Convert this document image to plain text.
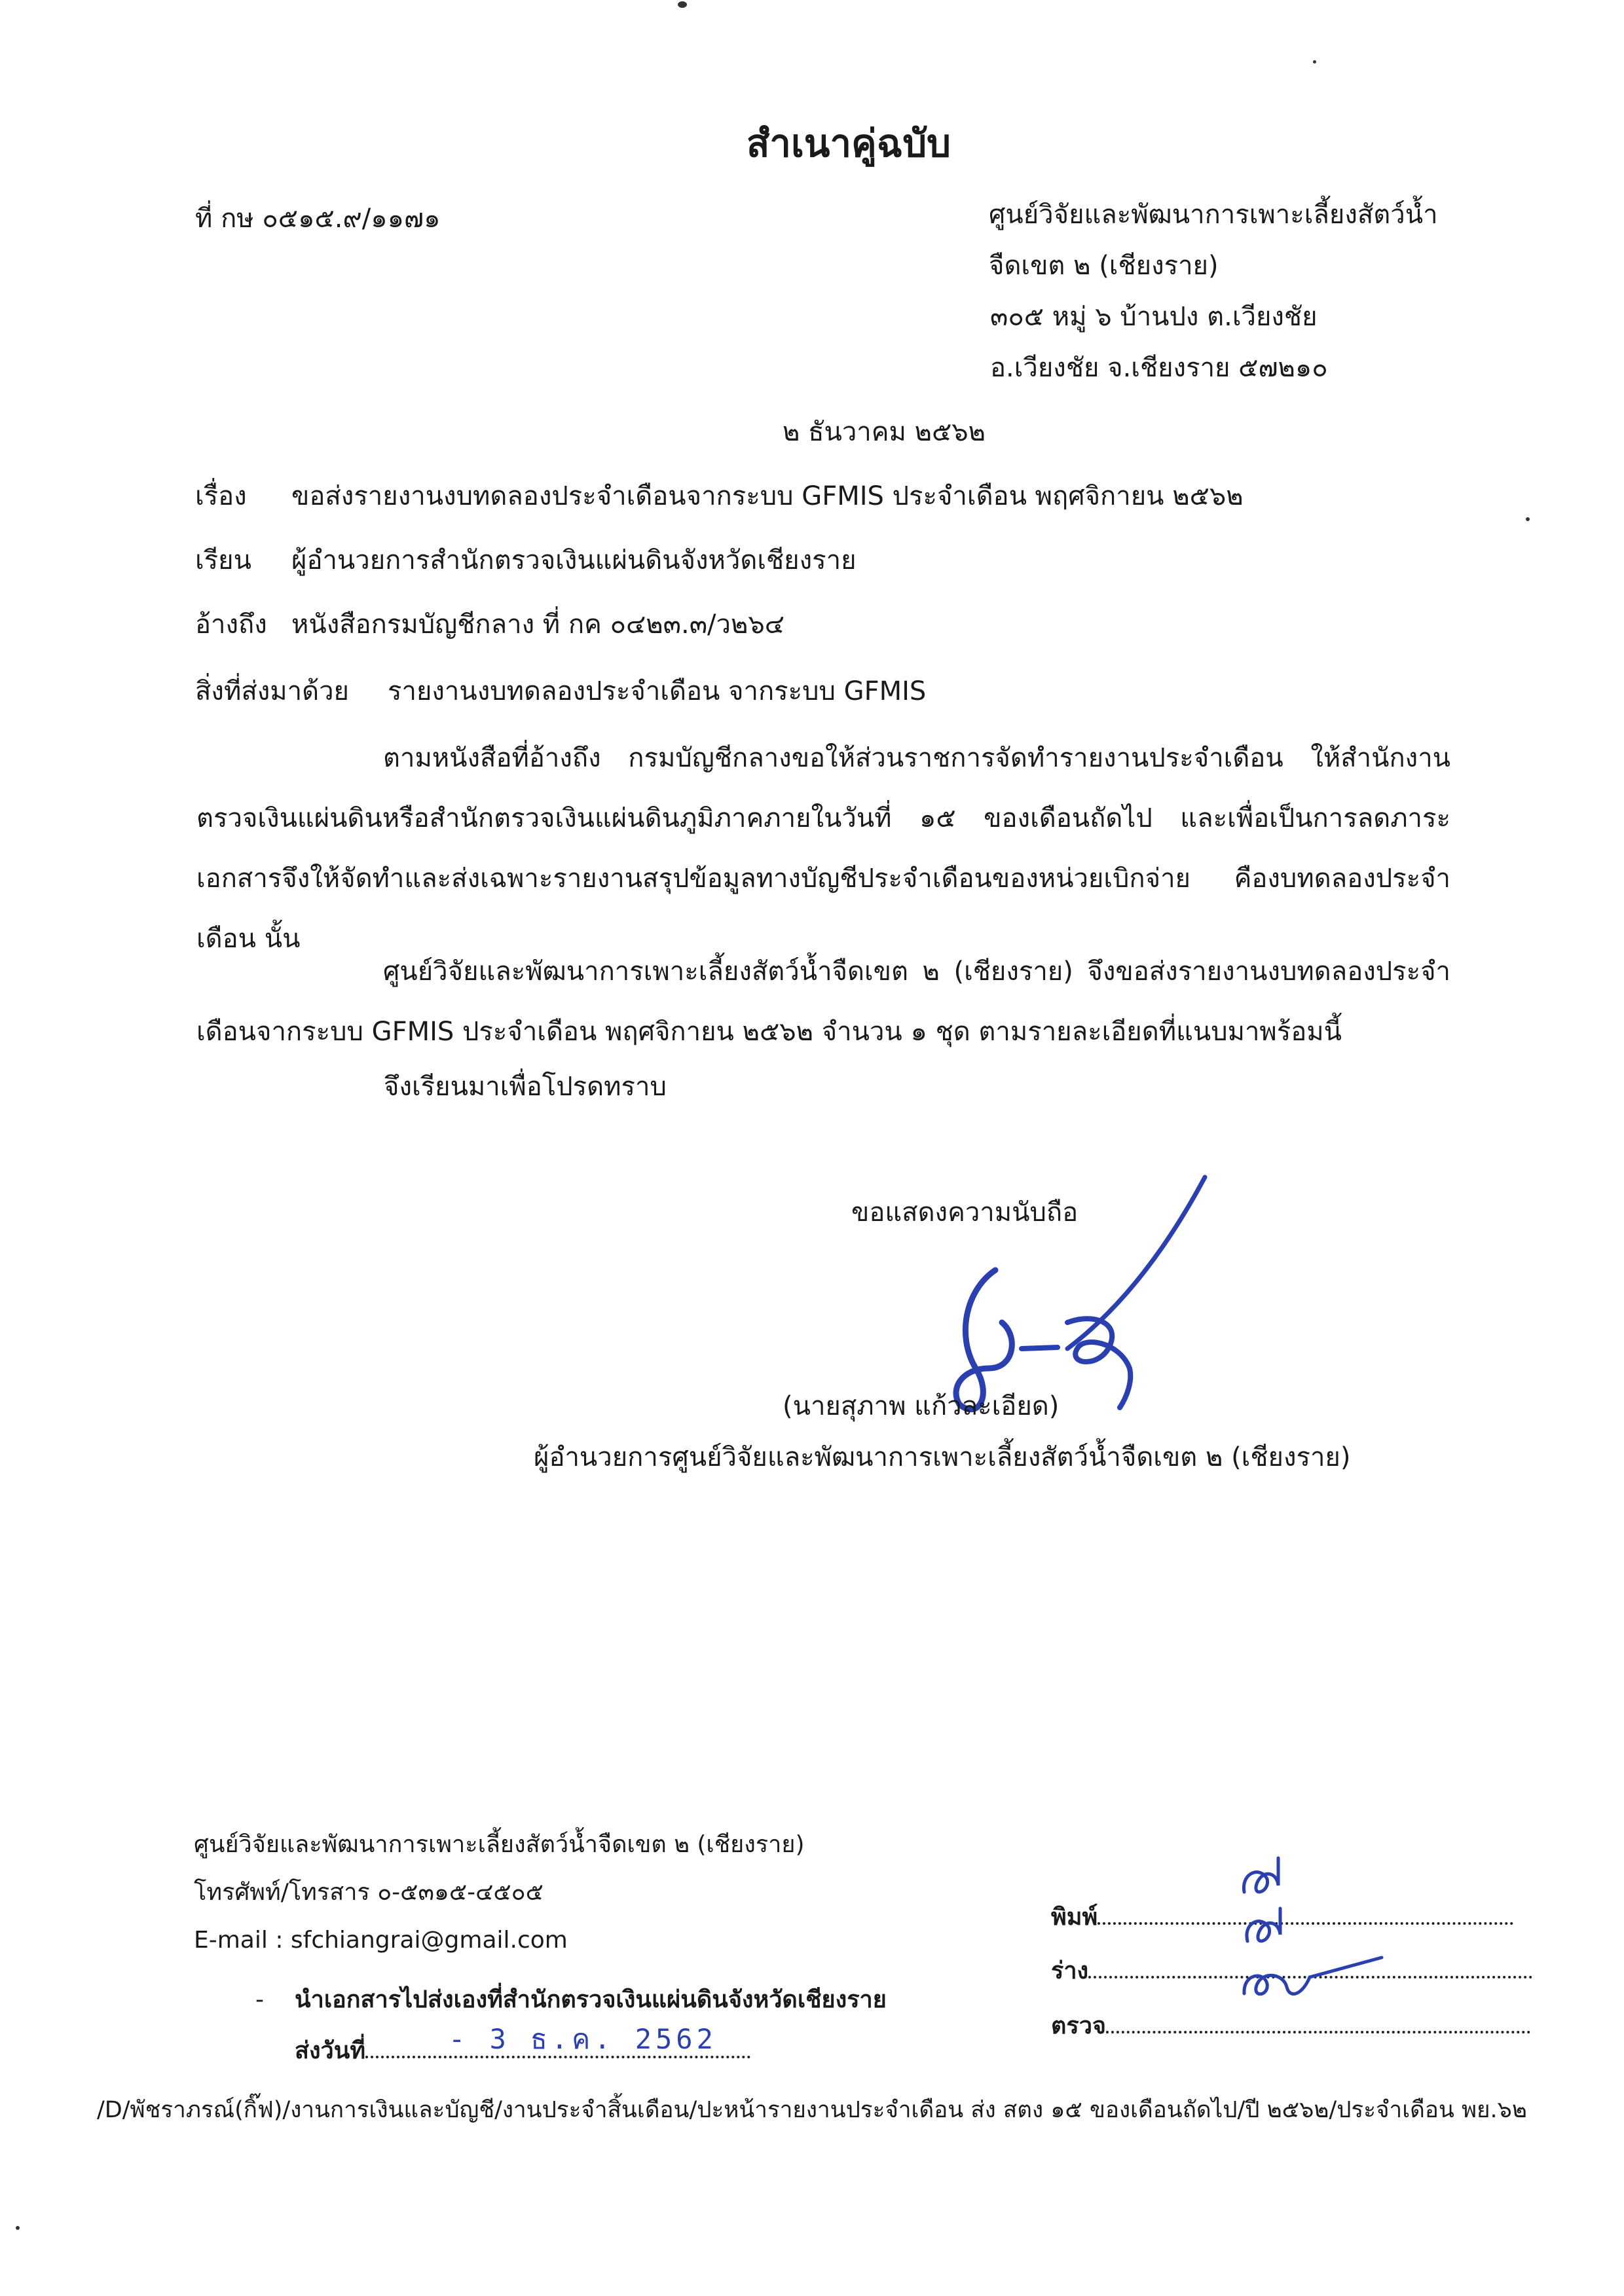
สำเนาคู่ฉบับ
ที่ กษ ๐๕๑๕.๙/๑๑๗๑	ศูนย์วิจัยและพัฒนาการเพาะเลี้ยงสัตว์น้ำ
จืดเขต ๒ (เชียงราย)
๓๐๕ หมู่ ๖ บ้านปง ต.เวียงชัย
อ.เวียงชัย จ.เชียงราย ๕๗๒๑๐
๒ ธันวาคม ๒๕๖๒
เรื่อง ขอส่งรายงานงบทดลองประจำเดือนจากระบบ GFMIS ประจำเดือน พฤศจิกายน ๒๕๖๒
เรียน ผู้อำนวยการสำนักตรวจเงินแผ่นดินจังหวัดเชียงราย
อ้างถึง หนังสือกรมบัญชีกลาง ที่ กค ๐๔๒๓.๓/ว๒๖๔
สิ่งที่ส่งมาด้วย รายงานงบทดลองประจำเดือน จากระบบ GFMIS
ตามหนังสือที่อ้างถึง กรมบัญชีกลางขอให้ส่วนราชการจัดทำรายงานประจำเดือน ให้สำนักงานตรวจเงินแผ่นดินหรือสำนักตรวจเงินแผ่นดินภูมิภาคภายในวันที่ ๑๕ ของเดือนถัดไป และเพื่อเป็นการลดภาระเอกสารจึงให้จัดทำและส่งเฉพาะรายงานสรุปข้อมูลทางบัญชีประจำเดือนของหน่วยเบิกจ่าย คืองบทดลองประจำเดือน นั้น
ศูนย์วิจัยและพัฒนาการเพาะเลี้ยงสัตว์น้ำจืดเขต ๒ (เชียงราย) จึงขอส่งรายงานงบทดลองประจำเดือนจากระบบ GFMIS ประจำเดือน พฤศจิกายน ๒๕๖๒ จำนวน ๑ ชุด ตามรายละเอียดที่แนบมาพร้อมนี้
จึงเรียนมาเพื่อโปรดทราบ
ขอแสดงความนับถือ
(นายสุภาพ แก้วละเอียด)
ผู้อำนวยการศูนย์วิจัยและพัฒนาการเพาะเลี้ยงสัตว์น้ำจืดเขต ๒ (เชียงราย)
ศูนย์วิจัยและพัฒนาการเพาะเลี้ยงสัตว์น้ำจืดเขต ๒ (เชียงราย)
โทรศัพท์/โทรสาร ๐-๕๓๑๕-๔๕๐๕
E-mail : sfchiangrai@gmail.com
- นำเอกสารไปส่งเองที่สำนักตรวจเงินแผ่นดินจังหวัดเชียงราย
ส่งวันที่	- 3 ธ.ค. 2562
พิมพ์
ร่าง
ตรวจ
/D/พัชราภรณ์(กิ๊ฟ)/งานการเงินและบัญชี/งานประจำสิ้นเดือน/ปะหน้ารายงานประจำเดือน ส่ง สตง ๑๕ ของเดือนถัดไป/ปี ๒๕๖๒/ประจำเดือน พย.๖๒
